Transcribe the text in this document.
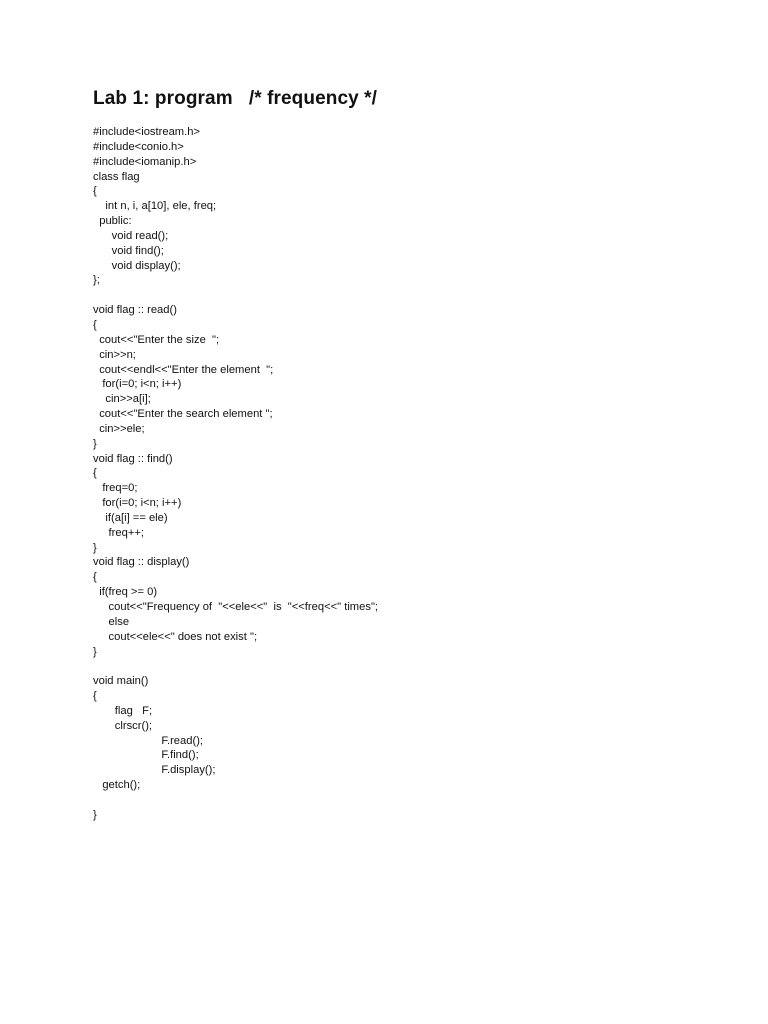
Lab 1: program   /* frequency */
#include<iostream.h>
#include<conio.h>
#include<iomanip.h>
class flag
{
int n, i, a[10], ele, freq;
public:
void read();
void find();
void display();
};

void flag :: read()
{
cout<<"Enter the size  ";
cin>>n;
cout<<endl<<"Enter the element  ";
for(i=0; i<n; i++)
cin>>a[i];
cout<<"Enter the search element ";
cin>>ele;
}
void flag :: find()
{
freq=0;
for(i=0; i<n; i++)
if(a[i] == ele)
freq++;
}
void flag :: display()
{
if(freq >= 0)
cout<<"Frequency of  "<<ele<<"  is  "<<freq<<" times";
else
cout<<ele<<" does not exist ";
}

void main()
{
flag   F;
clrscr();
F.read();
F.find();
F.display();
getch();

}
